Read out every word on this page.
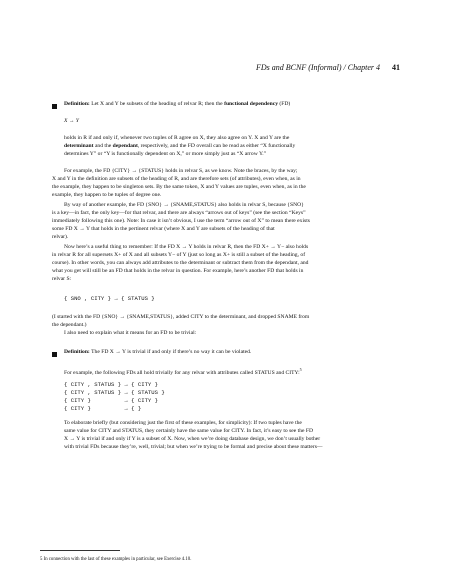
FDs and BCNF (Informal) / Chapter 4 41
Definition: Let X and Y be subsets of the heading of relvar R; then the functional dependency (FD)
X → Y
holds in R if and only if, whenever two tuples of R agree on X, they also agree on Y. X and Y are the
determinant and the dependant, respectively, and the FD overall can be read as either “X functionally
determines Y” or “Y is functionally dependent on X,” or more simply just as “X arrow Y.”
For example, the FD {CITY} → {STATUS} holds in relvar S, as we know. Note the braces, by the way;
X and Y in the definition are subsets of the heading of R, and are therefore sets (of attributes), even when, as in
the example, they happen to be singleton sets. By the same token, X and Y values are tuples, even when, as in the
example, they happen to be tuples of degree one.
By way of another example, the FD {SNO} → {SNAME,STATUS} also holds in relvar S, because {SNO}
is a key—in fact, the only key—for that relvar, and there are always “arrows out of keys” (see the section “Keys”
immediately following this one). Note: In case it isn’t obvious, I use the term “arrow out of X” to mean there exists
some FD X → Y that holds in the pertinent relvar (where X and Y are subsets of the heading of that
relvar).
Now here’s a useful thing to remember: If the FD X → Y holds in relvar R, then the FD X+ → Y− also holds
in relvar R for all supersets X+ of X and all subsets Y− of Y (just so long as X+ is still a subset of the heading, of
course). In other words, you can always add attributes to the determinant or subtract them from the dependant, and
what you get will still be an FD that holds in the relvar in question. For example, here’s another FD that holds in
relvar S:
{ SNO , CITY } → { STATUS }
(I started with the FD {SNO} → {SNAME,STATUS}, added CITY to the determinant, and dropped SNAME from
the dependant.)
I also need to explain what it means for an FD to be trivial:
Definition: The FD X → Y is trivial if and only if there’s no way it can be violated.
For example, the following FDs all hold trivially for any relvar with attributes called STATUS and CITY:$^5$
{ CITY , STATUS } → { CITY }
{ CITY , STATUS } → { STATUS }
{ CITY }          → { CITY }
{ CITY }          → { }
To elaborate briefly (but considering just the first of these examples, for simplicity): If two tuples have the
same value for CITY and STATUS, they certainly have the same value for CITY. In fact, it’s easy to see the FD
X → Y is trivial if and only if Y is a subset of X. Now, when we’re doing database design, we don’t usually bother
with trivial FDs because they’re, well, trivial; but when we’re trying to be formal and precise about these matters—
5 In connection with the last of these examples in particular, see Exercise 4.10.
